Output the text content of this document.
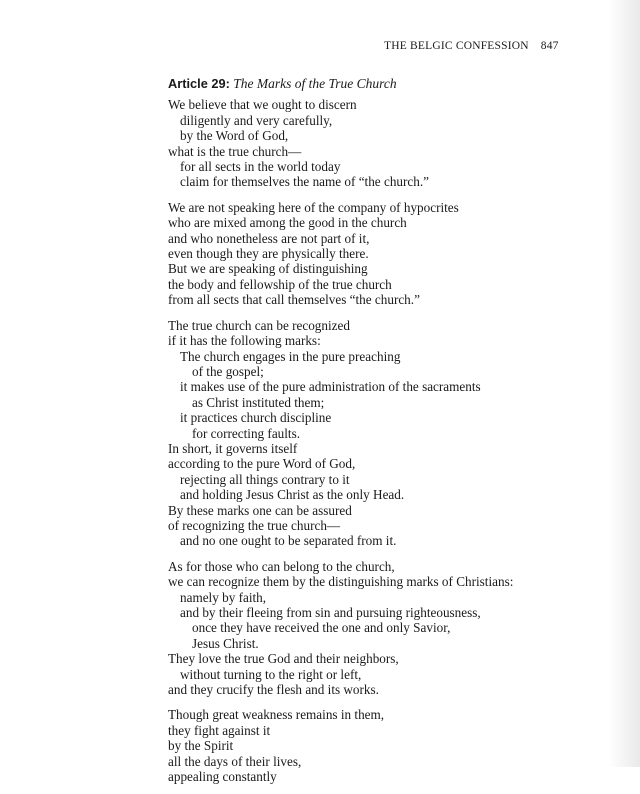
THE BELGIC CONFESSION 847
Article 29: The Marks of the True Church
We believe that we ought to discern
diligently and very carefully,
by the Word of God,
what is the true church—
for all sects in the world today
claim for themselves the name of “the church.”
We are not speaking here of the company of hypocrites
who are mixed among the good in the church
and who nonetheless are not part of it,
even though they are physically there.
But we are speaking of distinguishing
the body and fellowship of the true church
from all sects that call themselves “the church.”
The true church can be recognized
if it has the following marks:
The church engages in the pure preaching
of the gospel;
it makes use of the pure administration of the sacraments
as Christ instituted them;
it practices church discipline
for correcting faults.
In short, it governs itself
according to the pure Word of God,
rejecting all things contrary to it
and holding Jesus Christ as the only Head.
By these marks one can be assured
of recognizing the true church—
and no one ought to be separated from it.
As for those who can belong to the church,
we can recognize them by the distinguishing marks of Christians:
namely by faith,
and by their fleeing from sin and pursuing righteousness,
once they have received the one and only Savior,
Jesus Christ.
They love the true God and their neighbors,
without turning to the right or left,
and they crucify the flesh and its works.
Though great weakness remains in them,
they fight against it
by the Spirit
all the days of their lives,
appealing constantly
